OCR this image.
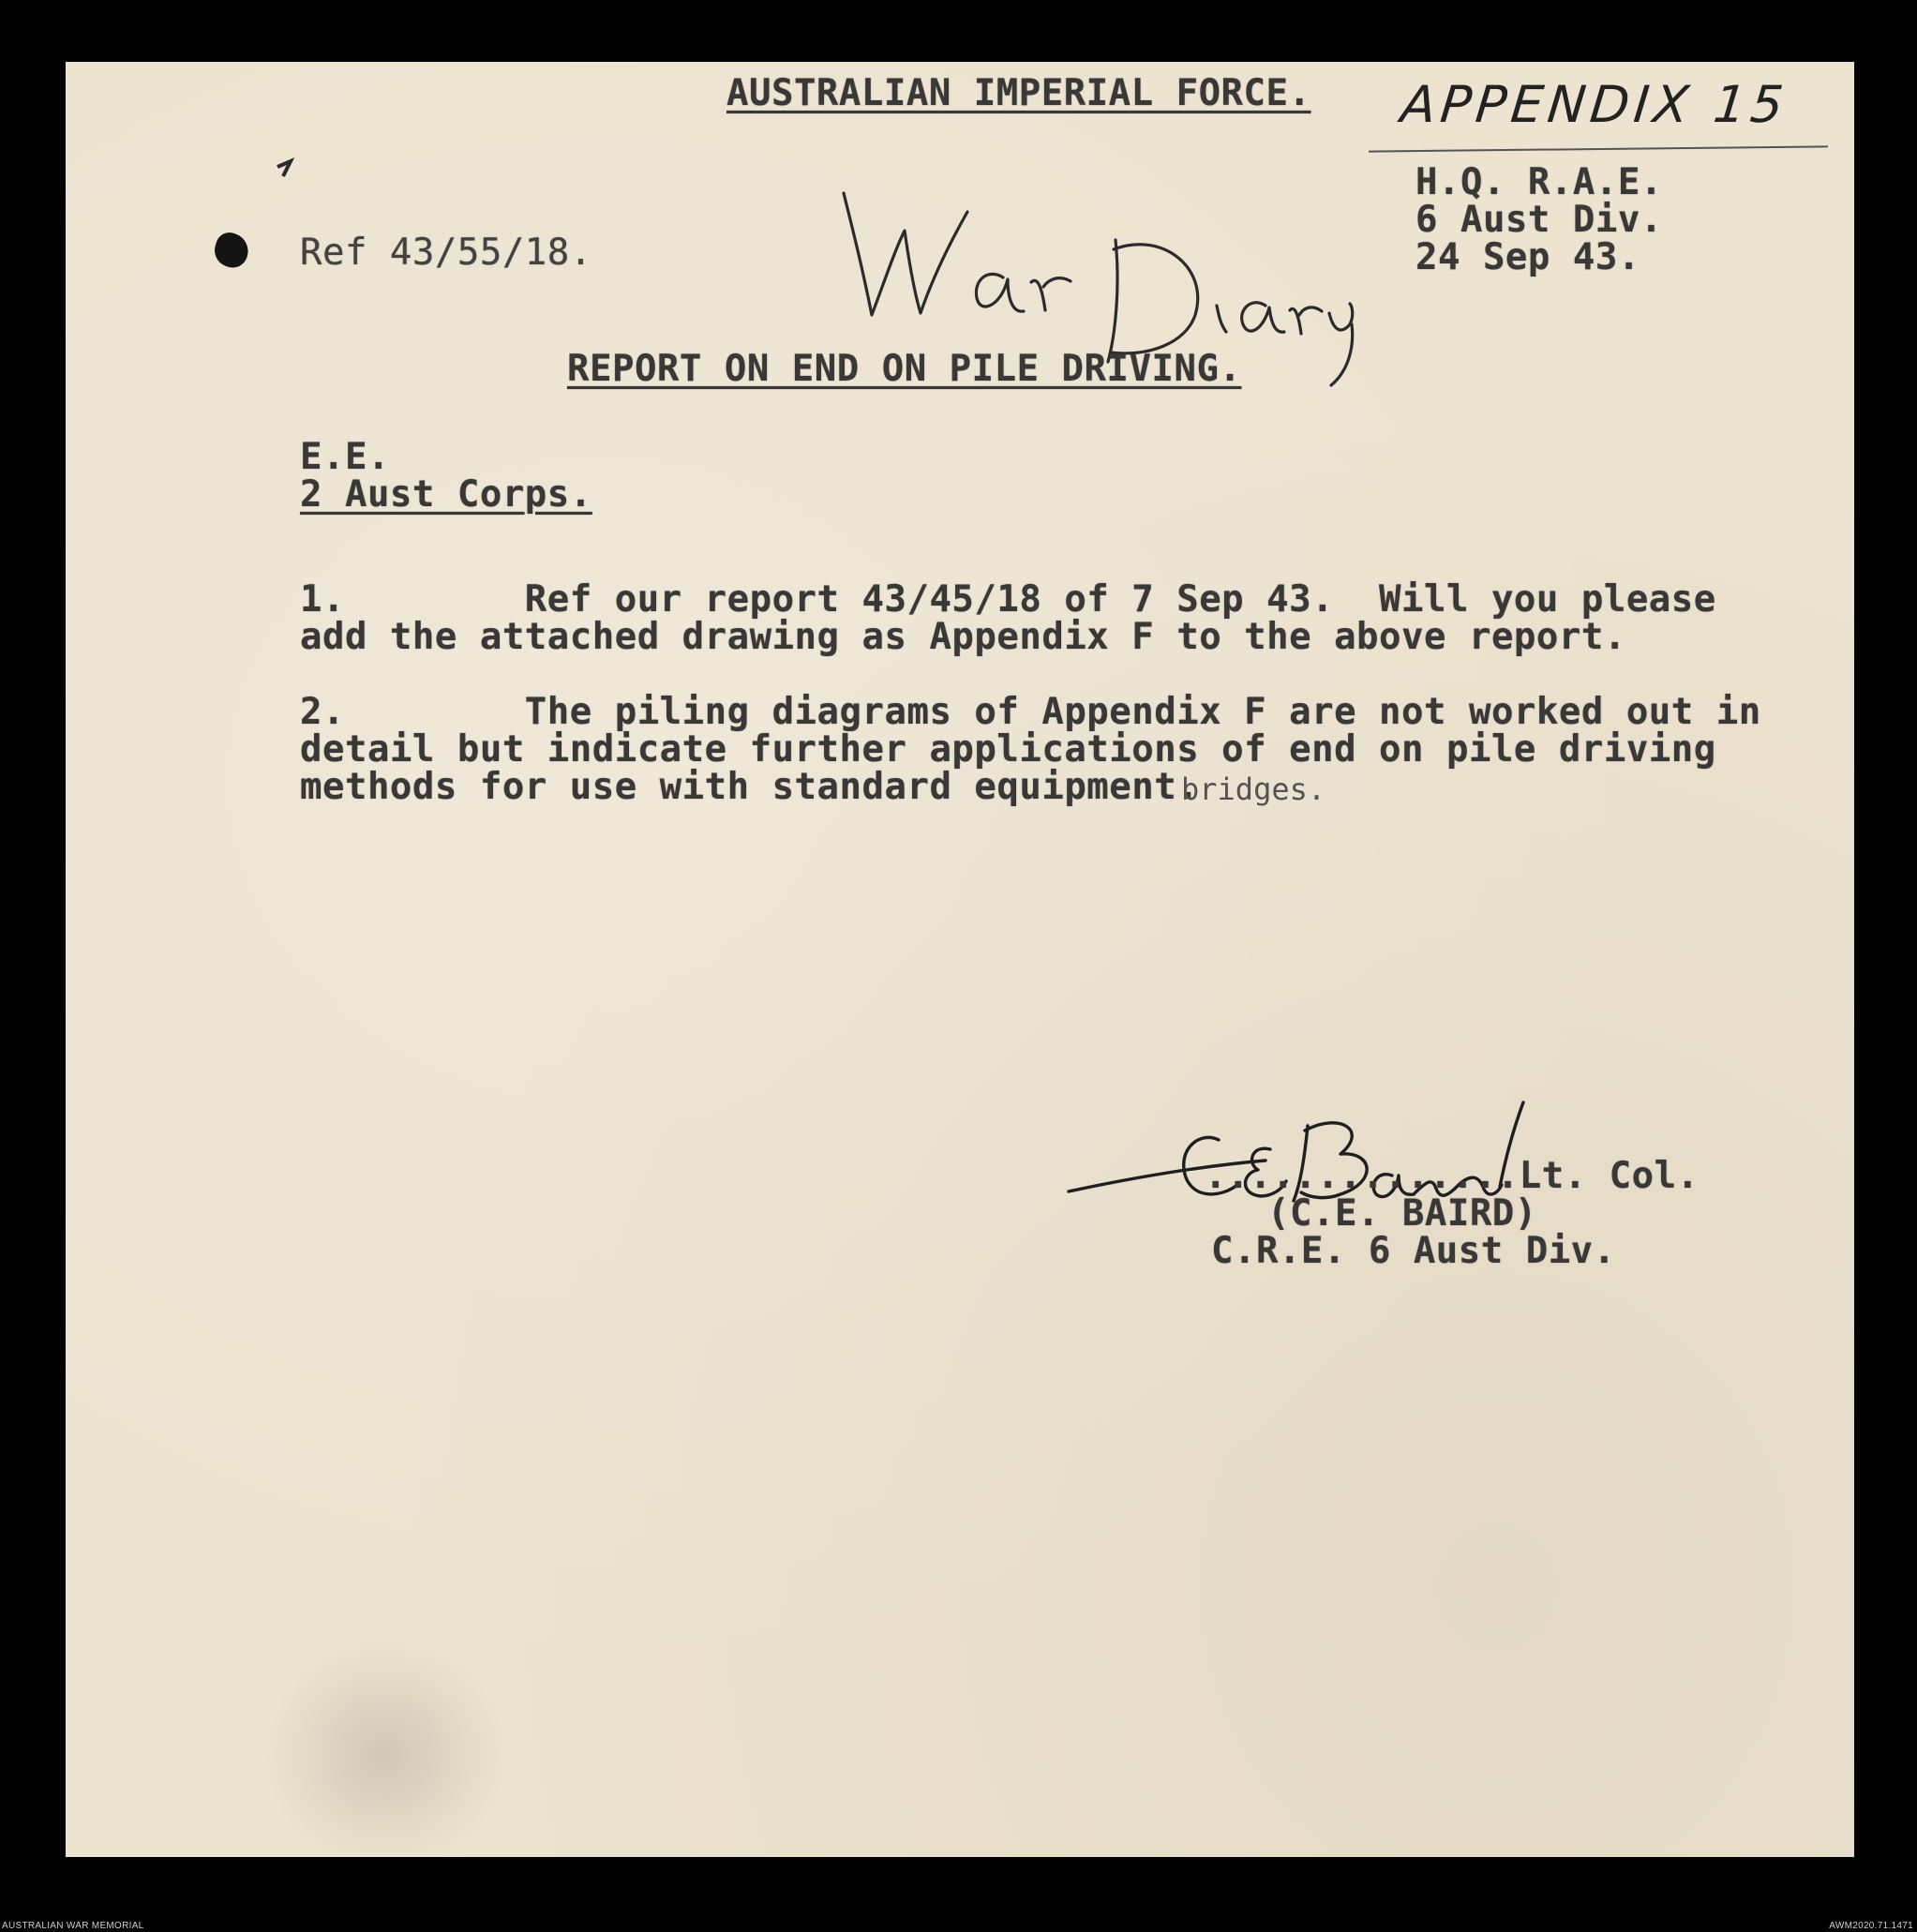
AUSTRALIAN IMPERIAL FORCE. APPENDIX 15
H.Q. R.A.E.
6 Aust Div.
24 Sep 43.
Ref 43/55/18.
REPORT ON END ON PILE DRIVING.
E.E.
2 Aust Corps.
1.        Ref our report 43/45/18 of 7 Sep 43.  Will you please
add the attached drawing as Appendix F to the above report.
2.        The piling diagrams of Appendix F are not worked out in
detail but indicate further applications of end on pile driving
methods for use with standard equipment.
bridges.
..............Lt. Col.
(C.E. BAIRD)
C.R.E. 6 Aust Div.
AUSTRALIAN WAR MEMORIAL	AWM2020.71.1471
